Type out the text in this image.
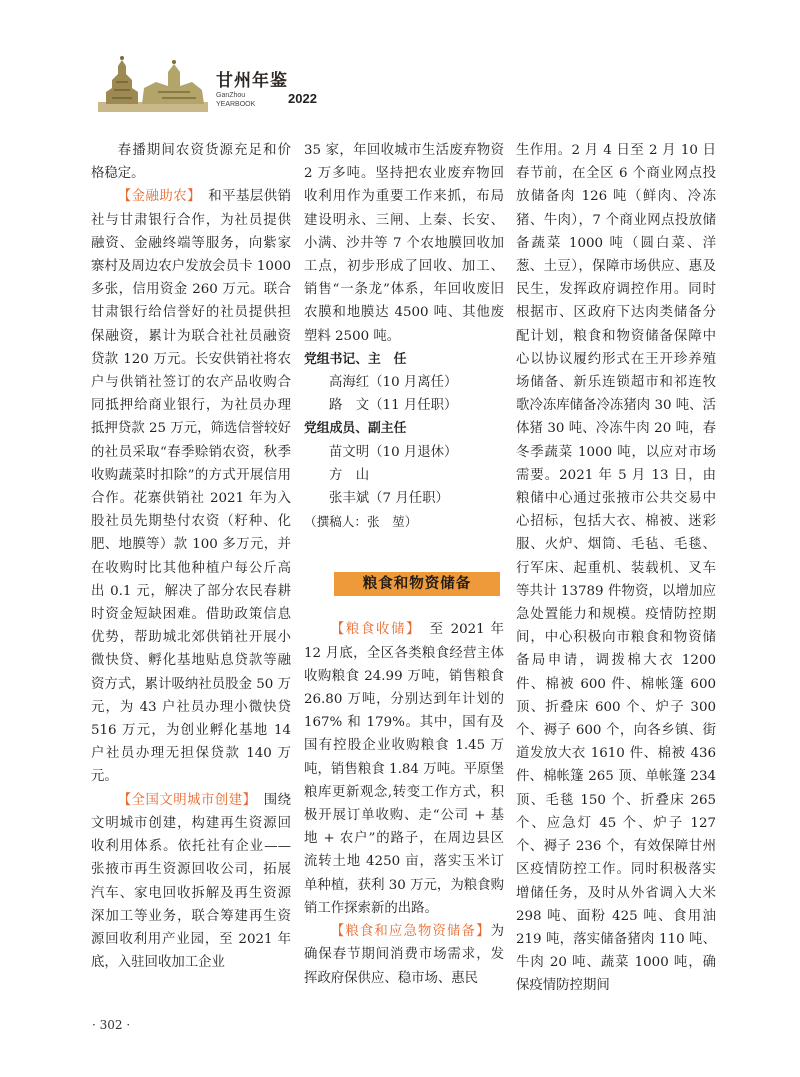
甘州年鉴
GanZhou
YEARBOOK	2022

春播期间农资货源充足和价格稳定。

【金融助农】　和平基层供销社与甘肃银行合作，为社员提供融资、金融终端等服务，向紫家寨村及周边农户发放会员卡 1000 多张，信用资金 260 万元。联合甘肃银行给信誉好的社员提供担保融资，累计为联合社社员融资贷款 120 万元。长安供销社将农户与供销社签订的农产品收购合同抵押给商业银行，为社员办理抵押贷款 25 万元，筛选信誉较好的社员采取“春季赊销农资，秋季收购蔬菜时扣除”的方式开展信用合作。花寨供销社 2021 年为入股社员先期垫付农资（籽种、化肥、地膜等）款 100 多万元，并在收购时比其他种植户每公斤高出 0.1 元，解决了部分农民春耕时资金短缺困难。借助政策信息优势，帮助城北郊供销社开展小微快贷、孵化基地贴息贷款等融资方式，累计吸纳社员股金 50 万元，为 43 户社员办理小微快贷 516 万元，为创业孵化基地 14 户社员办理无担保贷款 140 万元。

【全国文明城市创建】　围绕文明城市创建，构建再生资源回收利用体系。依托社有企业——张掖市再生资源回收公司，拓展汽车、家电回收拆解及再生资源深加工等业务，联合筹建再生资源回收利用产业园，至 2021 年底，入驻回收加工企业

35 家，年回收城市生活废弃物资 2 万多吨。坚持把农业废弃物回收利用作为重要工作来抓，布局建设明永、三闸、上秦、长安、小满、沙井等 7 个农地膜回收加工点，初步形成了回收、加工、销售“一条龙”体系，年回收废旧农膜和地膜达 4500 吨、其他废塑料 2500 吨。

党组书记、主　任

高海红（10 月离任）

路　文（11 月任职）

党组成员、副主任

苗文明（10 月退休）

方　山

张丰斌（7 月任职）

（撰稿人：张　堃）

粮食和物资储备

【粮食收储】　至 2021 年 12 月底，全区各类粮食经营主体收购粮食 24.99 万吨，销售粮食 26.80 万吨，分别达到年计划的 167% 和 179%。其中，国有及国有控股企业收购粮食 1.45 万吨，销售粮食 1.84 万吨。平原堡粮库更新观念,转变工作方式，积极开展订单收购、走“公司 + 基地 + 农户”的路子，在周边县区流转土地 4250 亩，落实玉米订单种植，获利 30 万元，为粮食购销工作探索新的出路。

【粮食和应急物资储备】为确保春节期间消费市场需求，发挥政府保供应、稳市场、惠民

生作用。2 月 4 日至 2 月 10 日春节前，在全区 6 个商业网点投放储备肉 126 吨（鲜肉、冷冻猪、牛肉），7 个商业网点投放储备蔬菜 1000 吨（圆白菜、洋葱、土豆），保障市场供应、惠及民生，发挥政府调控作用。同时根据市、区政府下达肉类储备分配计划，粮食和物资储备保障中心以协议履约形式在王开珍养殖场储备、新乐连锁超市和祁连牧歌冷冻库储备冷冻猪肉 30 吨、活体猪 30 吨、冷冻牛肉 20 吨，春冬季蔬菜 1000 吨，以应对市场需要。2021 年 5 月 13 日，由粮储中心通过张掖市公共交易中心招标，包括大衣、棉被、迷彩服、火炉、烟筒、毛毡、毛毯、行军床、起重机、装载机、叉车等共计 13789 件物资，以增加应急处置能力和规模。疫情防控期间，中心积极向市粮食和物资储备局申请，调拨棉大衣 1200 件、棉被 600 件、棉帐篷 600 顶、折叠床 600 个、炉子 300 个、褥子 600 个，向各乡镇、街道发放大衣 1610 件、棉被 436 件、棉帐篷 265 顶、单帐篷 234 顶、毛毯 150 个、折叠床 265 个、应急灯 45 个、炉子 127 个、褥子 236 个，有效保障甘州区疫情防控工作。同时积极落实增储任务，及时从外省调入大米 298 吨、面粉 425 吨、食用油 219 吨，落实储备猪肉 110 吨、牛肉 20 吨、蔬菜 1000 吨，确保疫情防控期间

· 302 ·
